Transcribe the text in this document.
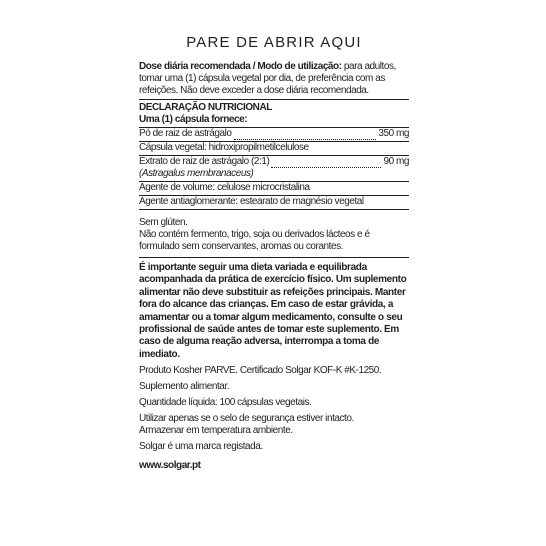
PARE DE ABRIR AQUI

Dose diária recomendada / Modo de utilização: para adultos, tomar uma (1) cápsula vegetal por dia, de preferência com as refeições. Não deve exceder a dose diária recomendada.

DECLARAÇÃO NUTRICIONAL

Uma (1) cápsula fornece:

Pó de raiz de astrágalo	350 mg

Cápsula vegetal: hidroxipropilmetilcelulose

Extrato de raiz de astrágalo (2:1)	90 mg

(Astragalus membranaceus)

Agente de volume: celulose microcristalina

Agente antiaglomerante: estearato de magnésio vegetal

Sem glúten.

Não contém fermento, trigo, soja ou derivados lácteos e é formulado sem conservantes, aromas ou corantes.

É importante seguir uma dieta variada e equilibrada acompanhada da prática de exercício físico. Um suplemento alimentar não deve substituir as refeições principais. Manter fora do alcance das crianças. Em caso de estar grávida, a amamentar ou a tomar algum medicamento, consulte o seu profissional de saúde antes de tomar este suplemento. Em caso de alguma reação adversa, interrompa a toma de imediato.

Produto Kosher PARVE. Certificado Solgar KOF-K #K-1250.

Suplemento alimentar.

Quantidade líquida: 100 cápsulas vegetais.

Utilizar apenas se o selo de segurança estiver intacto.

Armazenar em temperatura ambiente.

Solgar é uma marca registada.

www.solgar.pt
